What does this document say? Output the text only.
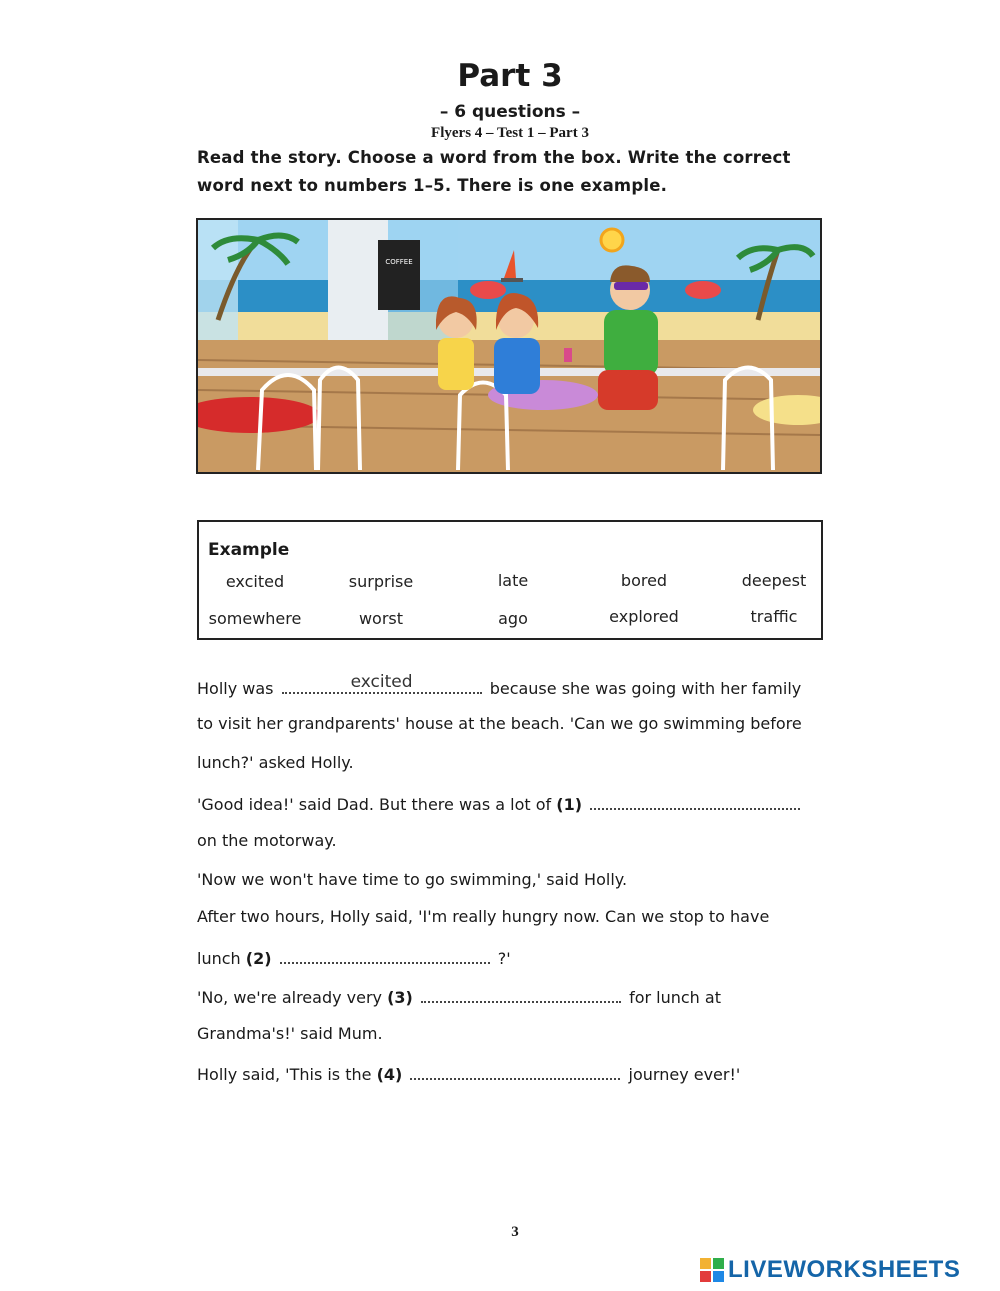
Part 3
– 6 questions –
Flyers 4 – Test 1 – Part 3
Read the story. Choose a word from the box. Write the correct
word next to numbers 1–5. There is one example.
COFFEE
Example
excited	surprise	late	bored	deepest
somewhere	worst	ago	explored	traffic
Holly was	excited	because she was going with her family
to visit her grandparents' house at the beach. 'Can we go swimming before
lunch?' asked Holly.
'Good idea!' said Dad. But there was a lot of (1)
on the motorway.
'Now we won't have time to go swimming,' said Holly.
After two hours, Holly said, 'I'm really hungry now. Can we stop to have
lunch (2)	?'
'No, we're already very (3)	for lunch at
Grandma's!' said Mum.
Holly said, 'This is the (4)	journey ever!'
3
LIVEWORKSHEETS
